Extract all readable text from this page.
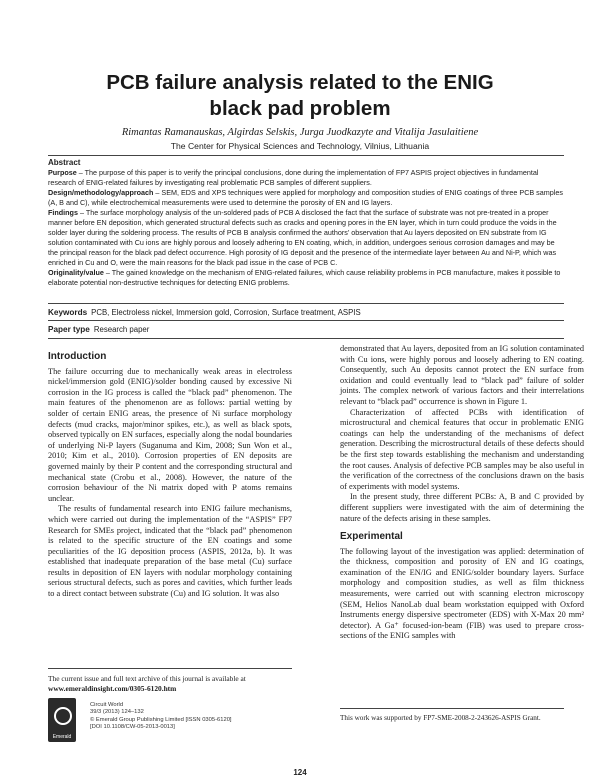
PCB failure analysis related to the ENIG
black pad problem
Rimantas Ramanauskas, Algirdas Selskis, Jurga Juodkazyte and Vitalija Jasulaitiene
The Center for Physical Sciences and Technology, Vilnius, Lithuania

Abstract

Purpose – The purpose of this paper is to verify the principal conclusions, done during the implementation of FP7 ASPIS project objectives in fundamental research of ENIG-related failures by investigating real problematic PCB samples of different suppliers.

Design/methodology/approach – SEM, EDS and XPS techniques were applied for morphology and composition studies of ENIG coatings of three PCB samples (A, B and C), while electrochemical measurements were used to determine the porosity of EN and IG layers.

Findings – The surface morphology analysis of the un-soldered pads of PCB A disclosed the fact that the surface of substrate was not pre-treated in a proper manner before EN deposition, which generated structural defects such as cracks and opening pores in the EN layer, which in turn could produce the voids in the solder layer during the soldering process. The results of PCB B analysis confirmed the authors’ observation that Au layers deposited on EN substrate from IG solution contaminated with Cu ions are highly porous and loosely adhering to EN coating, which, in addition, undergoes serious corrosion damages and may be the principal reason for the black pad defect occurrence. High porosity of IG deposit and the presence of the intermediate layer between Au and Ni-P, which was enriched in Cu and O, were the main reasons for the black pad issue in the case of PCB C.

Originality/value – The gained knowledge on the mechanism of ENIG-related failures, which cause reliability problems in PCB manufacture, makes it possible to elaborate potential non-destructive techniques for detecting ENIG problems.

Keywords PCB, Electroless nickel, Immersion gold, Corrosion, Surface treatment, ASPIS
Paper type Research paper
Introduction

The failure occurring due to mechanically weak areas in electroless nickel/immersion gold (ENIG)/solder bonding caused by excessive Ni corrosion in the IG process is called the “black pad” phenomenon. The main features of the phenomenon are as follows: partial wetting by solder of certain ENIG areas, the presence of Ni surface morphology defects (mud cracks, major/minor spikes, etc.), as well as black spots, observed typically on EN surfaces, especially along the nodal boundaries of underlying Ni-P layers (Suganuma and Kim, 2008; Sun Won et al., 2010; Kim et al., 2010). Corrosion properties of EN deposits are governed mainly by their P content and the corresponding structural and mechanical state (Crobu et al., 2008). However, the nature of the corrosion behaviour of the Ni matrix doped with P atoms remains unclear.

The results of fundamental research into ENIG failure mechanisms, which were carried out during the implementation of the “ASPIS” FP7 Research for SMEs project, indicated that the “black pad” phenomenon is related to the specific structure of the EN coatings and some peculiarities of the IG deposition process (ASPIS, 2012a, b). It was established that inadequate preparation of the base metal (Cu) surface results in deposition of EN layers with nodular morphology containing serious structural defects, such as pores and cavities, which further leads to a direct contact between substrate (Cu) and IG solution. It was also

demonstrated that Au layers, deposited from an IG solution contaminated with Cu ions, were highly porous and loosely adhering to EN coating. Consequently, such Au deposits cannot protect the EN surface from oxidation and could eventually lead to “black pad” failure of solder joints. The complex network of various factors and their interrelations relevant to “black pad” occurrence is shown in Figure 1.

Characterization of affected PCBs with identification of microstructural and chemical features that occur in problematic ENIG coatings can help the understanding of the mechanisms of defect generation. Describing the microstructural details of these defects should be the first step towards establishing the mechanism and understanding the root causes. Analysis of defective PCB samples may be also useful in the verification of the correctness of the conclusions drawn on the basis of experiments with model systems.

In the present study, three different PCBs: A, B and C provided by different suppliers were investigated with the aim of determining the nature of the defects arising in these samples.

Experimental

The following layout of the investigation was applied: determination of the thickness, composition and porosity of EN and IG coatings, examination of the EN/IG and ENIG/solder boundary layers. Surface morphology and composition studies, as well as film thickness measurements, were carried out with scanning electron microscopy (SEM, Helios NanoLab dual beam workstation equipped with Oxford Instruments energy dispersive spectrometer (EDS) with X-Max 20 mm² detector). A Ga⁺ focused-ion-beam (FIB) was used to prepare cross-sections of the ENIG samples with

The current issue and full text archive of this journal is available at
www.emeraldinsight.com/0305-6120.htm
Emerald
Circuit World
39/3 (2013) 124–132
© Emerald Group Publishing Limited [ISSN 0305-6120]
[DOI 10.1108/CW-05-2013-0013]
This work was supported by FP7-SME-2008-2-243626-ASPIS Grant.
124
